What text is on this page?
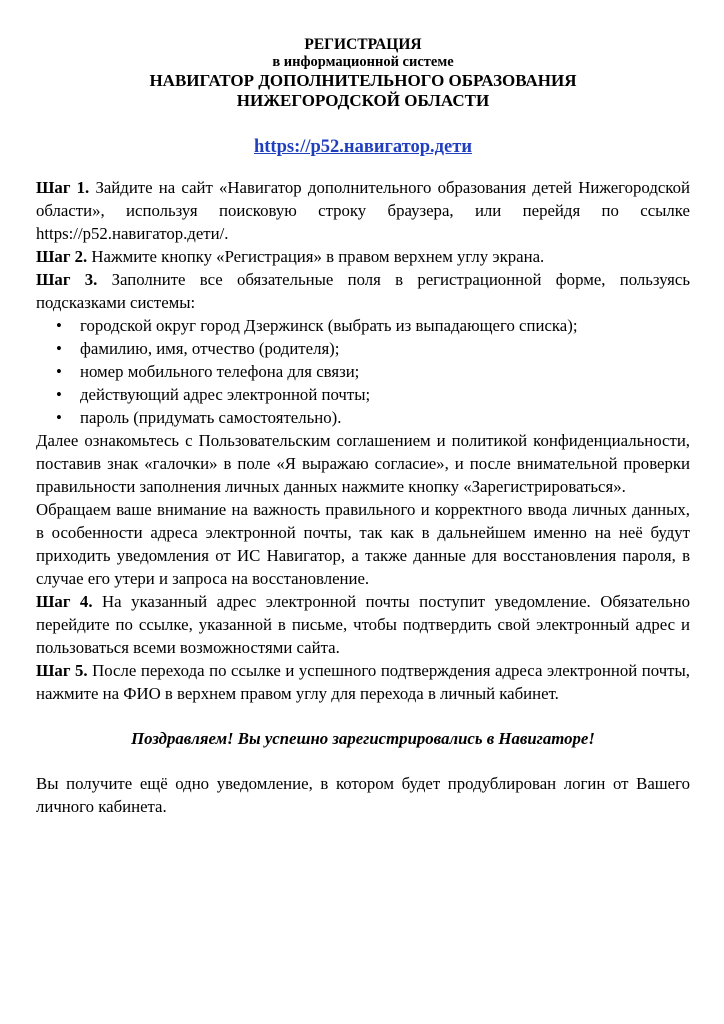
РЕГИСТРАЦИЯ
в информационной системе
НАВИГАТОР ДОПОЛНИТЕЛЬНОГО ОБРАЗОВАНИЯ
НИЖЕГОРОДСКОЙ ОБЛАСТИ
https://p52.навигатор.дети

Шаг 1. Зайдите на сайт «Навигатор дополнительного образования детей Нижегородской области», используя поисковую строку браузера, или перейдя по ссылке https://p52.навигатор.дети/.

Шаг 2. Нажмите кнопку «Регистрация» в правом верхнем углу экрана.

Шаг 3. Заполните все обязательные поля в регистрационной форме, пользуясь подсказками системы:

• городской округ город Дзержинск (выбрать из выпадающего списка);
• фамилию, имя, отчество (родителя);
• номер мобильного телефона для связи;
• действующий адрес электронной почты;
• пароль (придумать самостоятельно).

Далее ознакомьтесь с Пользовательским соглашением и политикой конфиденциальности, поставив знак «галочки» в поле «Я выражаю согласие», и после внимательной проверки правильности заполнения личных данных нажмите кнопку «Зарегистрироваться».

Обращаем ваше внимание на важность правильного и корректного ввода личных данных, в особенности адреса электронной почты, так как в дальнейшем именно на неё будут приходить уведомления от ИС Навигатор, а также данные для восстановления пароля, в случае его утери и запроса на восстановление.

Шаг 4. На указанный адрес электронной почты поступит уведомление. Обязательно перейдите по ссылке, указанной в письме, чтобы подтвердить свой электронный адрес и пользоваться всеми возможностями сайта.

Шаг 5. После перехода по ссылке и успешного подтверждения адреса электронной почты, нажмите на ФИО в верхнем правом углу для перехода в личный кабинет.

Поздравляем! Вы успешно зарегистрировались в Навигаторе!

Вы получите ещё одно уведомление, в котором будет продублирован логин от Вашего личного кабинета.
